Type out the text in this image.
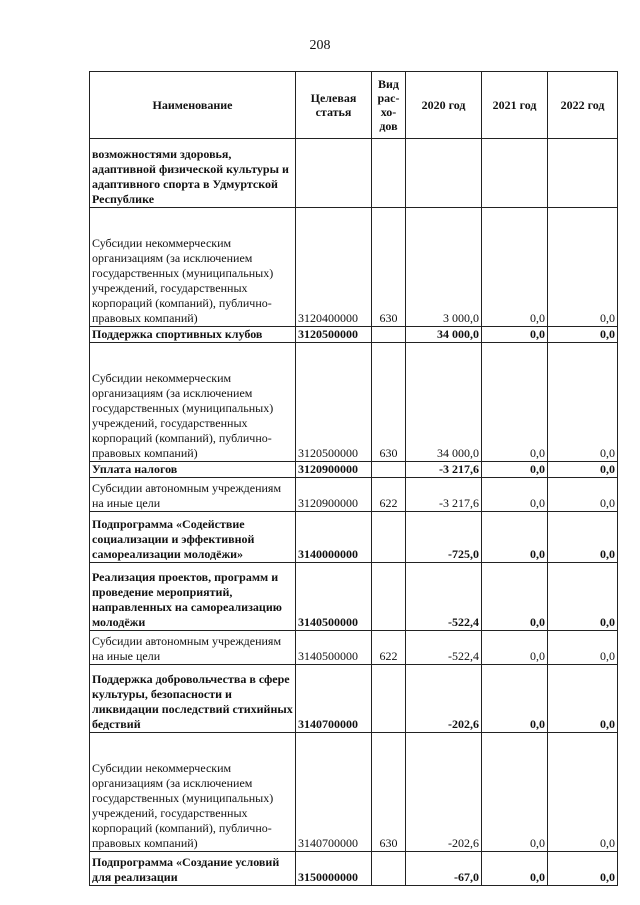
208
Наименование	Целевая статья	Вид рас-хо-дов	2020 год	2021 год	2022 год
возможностями здоровья, адаптивной физической культуры и адаптивного спорта в Удмуртской Республике					
Субсидии некоммерческим организациям (за исключением государственных (муниципальных) учреждений, государственных корпораций (компаний), публично-правовых компаний)	3120400000	630	3 000,0	0,0	0,0
Поддержка спортивных клубов	3120500000		34 000,0	0,0	0,0
Субсидии некоммерческим организациям (за исключением государственных (муниципальных) учреждений, государственных корпораций (компаний), публично-правовых компаний)	3120500000	630	34 000,0	0,0	0,0
Уплата налогов	3120900000		-3 217,6	0,0	0,0
Субсидии автономным учреждениям на иные цели	3120900000	622	-3 217,6	0,0	0,0
Подпрограмма «Содействие социализации и эффективной самореализации молодёжи»	3140000000		-725,0	0,0	0,0
Реализация проектов, программ и проведение мероприятий, направленных на самореализацию молодёжи	3140500000		-522,4	0,0	0,0
Субсидии автономным учреждениям на иные цели	3140500000	622	-522,4	0,0	0,0
Поддержка добровольчества в сфере культуры, безопасности и ликвидации последствий стихийных бедствий	3140700000		-202,6	0,0	0,0
Субсидии некоммерческим организациям (за исключением государственных (муниципальных) учреждений, государственных корпораций (компаний), публично-правовых компаний)	3140700000	630	-202,6	0,0	0,0
Подпрограмма «Создание условий для реализации	3150000000		-67,0	0,0	0,0
